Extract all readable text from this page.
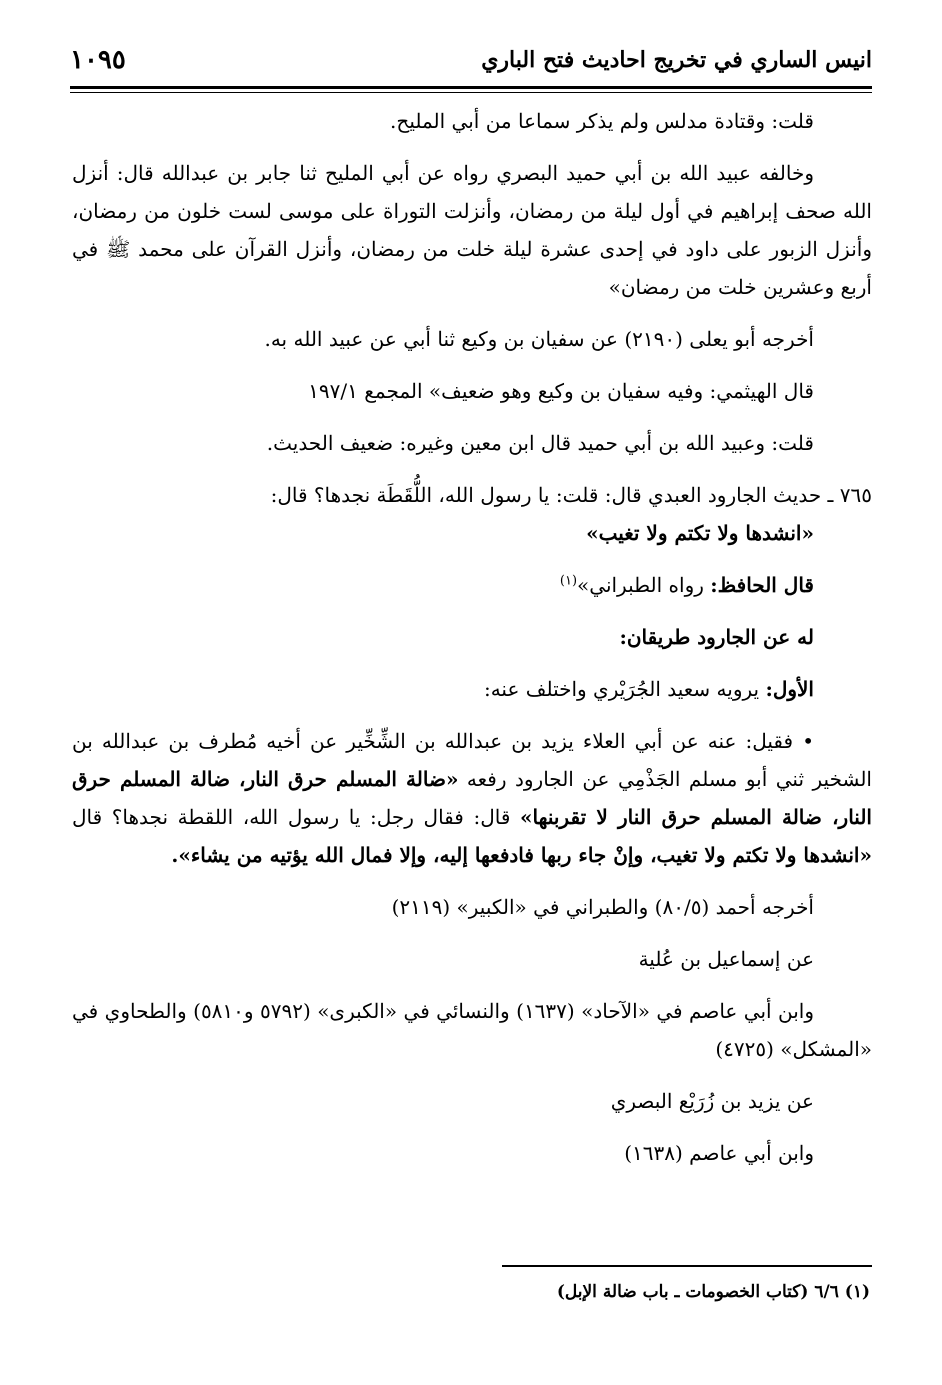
انيس الساري في تخريج احاديث فتح الباري
١٠٩٥

قلت: وقتادة مدلس ولم يذكر سماعا من أبي المليح.

وخالفه عبيد الله بن أبي حميد البصري رواه عن أبي المليح ثنا جابر بن عبدالله قال: أنزل الله صحف إبراهيم في أول ليلة من رمضان، وأنزلت التوراة على موسى لست خلون من رمضان، وأنزل الزبور على داود في إحدى عشرة ليلة خلت من رمضان، وأنزل القرآن على محمد ﷺ في أربع وعشرين خلت من رمضان»

أخرجه أبو يعلى (٢١٩٠) عن سفيان بن وكيع ثنا أبي عن عبيد الله به.

قال الهيثمي: وفيه سفيان بن وكيع وهو ضعيف» المجمع ١٩٧/١

قلت: وعبيد الله بن أبي حميد قال ابن معين وغيره: ضعيف الحديث.

٧٦٥ ـ حديث الجارود العبدي قال: قلت: يا رسول الله، اللُّقَطَة نجدها؟ قال:
«انشدها ولا تكتم ولا تغيب»

قال الحافظ: رواه الطبراني»$^{(١)}$

له عن الجارود طريقان:

الأول: يرويه سعيد الجُرَيْري واختلف عنه:

• فقيل: عنه عن أبي العلاء يزيد بن عبدالله بن الشِّخِّير عن أخيه مُطرف بن عبدالله بن الشخير ثني أبو مسلم الجَذْمِي عن الجارود رفعه «ضالة المسلم حرق النار، ضالة المسلم حرق النار، ضالة المسلم حرق النار لا تقربنها» قال: فقال رجل: يا رسول الله، اللقطة نجدها؟ قال «انشدها ولا تكتم ولا تغيب، وإنْ جاء ربها فادفعها إليه، وإلا فمال الله يؤتيه من يشاء».

أخرجه أحمد (٨٠/٥) والطبراني في «الكبير» (٢١١٩)

عن إسماعيل بن عُلية

وابن أبي عاصم في «الآحاد» (١٦٣٧) والنسائي في «الكبرى» (٥٧٩٢ و٥٨١٠) والطحاوي في «المشكل» (٤٧٢٥)

عن يزيد بن زُرَيْع البصري

وابن أبي عاصم (١٦٣٨)

(١) ٦/٦ (كتاب الخصومات ـ باب ضالة الإبل)
